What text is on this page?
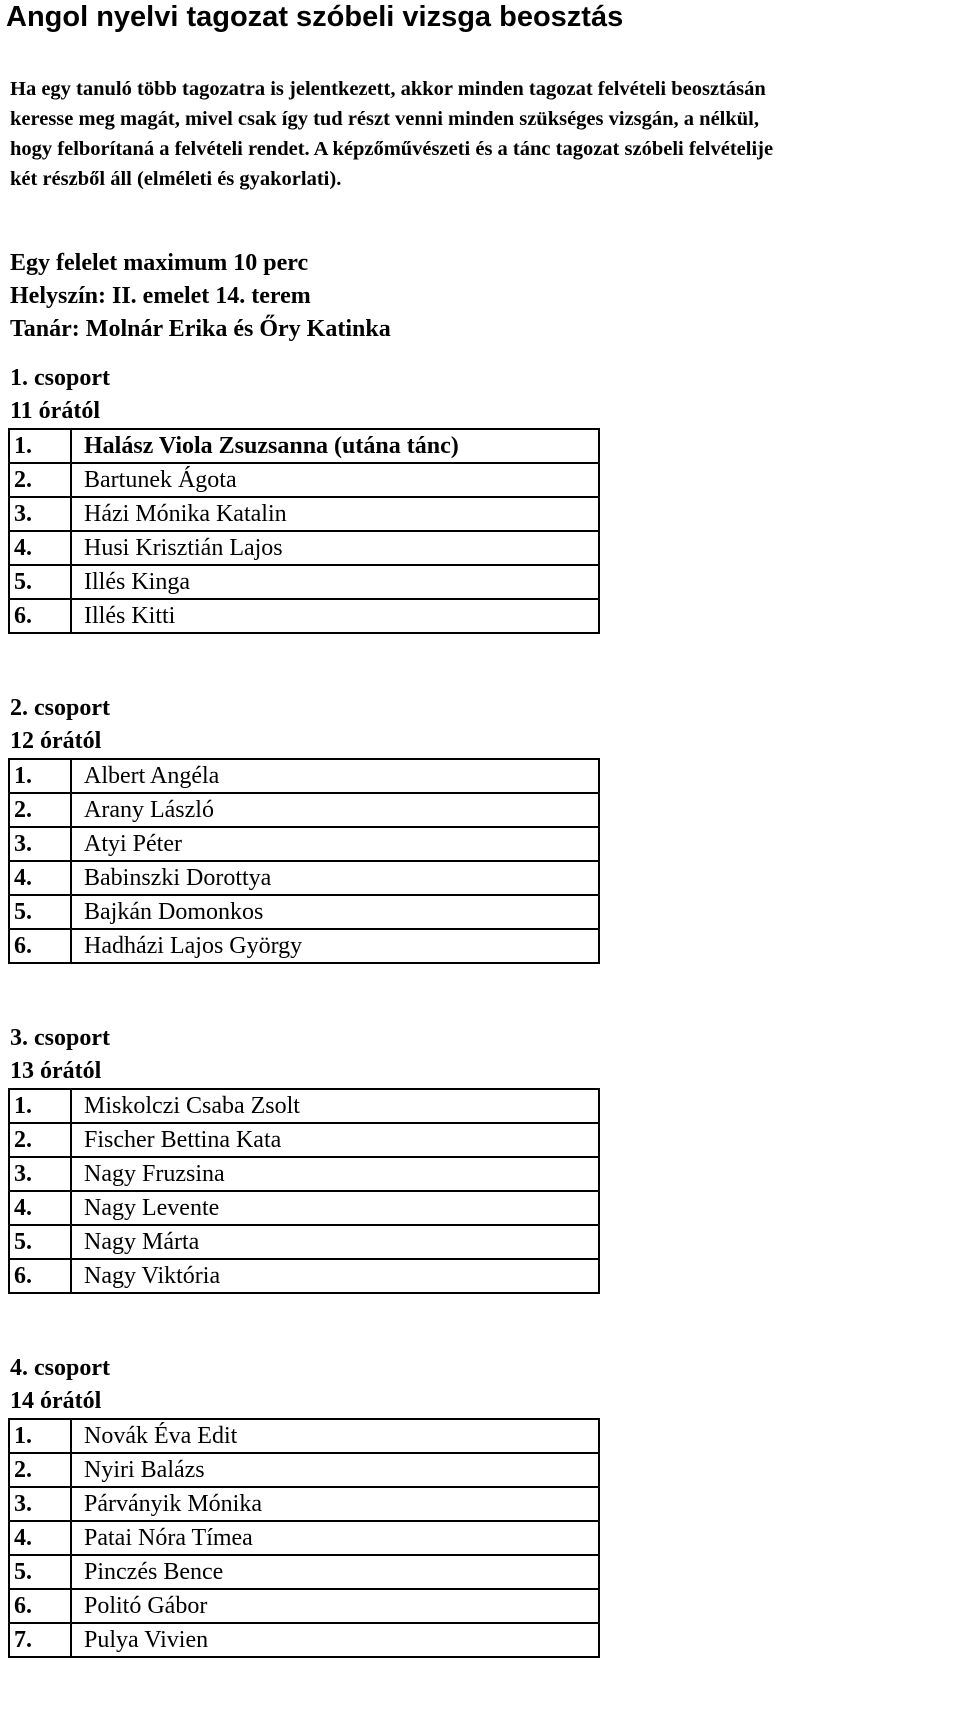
Angol nyelvi tagozat szóbeli vizsga beosztás

Ha egy tanuló több tagozatra is jelentkezett, akkor minden tagozat felvételi beosztásán
keresse meg magát, mivel csak így tud részt venni minden szükséges vizsgán, a nélkül,
hogy felborítaná a felvételi rendet. A képzőművészeti és a tánc tagozat szóbeli felvételije
két részből áll (elméleti és gyakorlati).

Egy felelet maximum 10 perc
Helyszín: II. emelet 14. terem
Tanár: Molnár Erika és Őry Katinka
1. csoport
11 órától
1.	Halász Viola Zsuzsanna (utána tánc)
2.	Bartunek Ágota
3.	Házi Mónika Katalin
4.	Husi Krisztián Lajos
5.	Illés Kinga
6.	Illés Kitti
2. csoport
12 órától
1.	Albert Angéla
2.	Arany László
3.	Atyi Péter
4.	Babinszki Dorottya
5.	Bajkán Domonkos
6.	Hadházi Lajos György
3. csoport
13 órától
1.	Miskolczi Csaba Zsolt
2.	Fischer Bettina Kata
3.	Nagy Fruzsina
4.	Nagy Levente
5.	Nagy Márta
6.	Nagy Viktória
4. csoport
14 órától
1.	Novák Éva Edit
2.	Nyiri Balázs
3.	Párványik Mónika
4.	Patai Nóra Tímea
5.	Pinczés Bence
6.	Politó Gábor
7.	Pulya Vivien
